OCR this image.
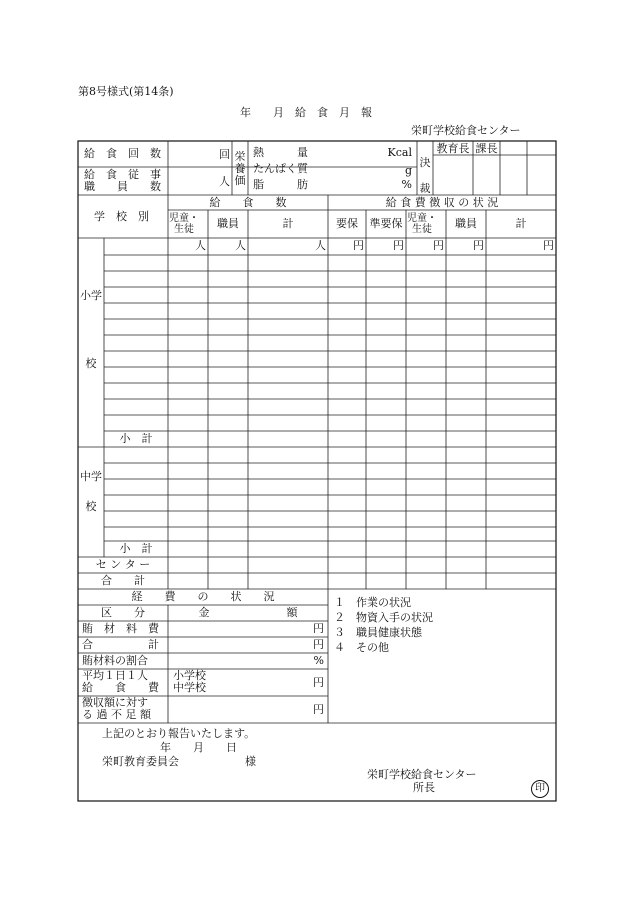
第8号様式(第14条)
年　　月　給　食　月　報
栄町学校給食センター
給　食　回　数	回
給　食　従　事
職　　員　　数	人
栄養価
熱　　　量	Kcal
たんぱく質	g
脂　　　肪	%
決裁
教育長 課長
学　校　別
給　　食　　数	給 食 費 徴 収 の 状 況
児童・生徒	職員	計	要保	準要保 児童・生徒	職員	計
人	人	人	円	円	円	円	円
小学校
小　計
中学校
小　計
セ ン タ ー
合　　計
経　　費　　の　　状　　況
区　　分	金　　　　　　　額
賄　材　料　費	円
合　　　　　計	円
賄材料の割合	%
平均１日１人
給　　食　　費
小学校
中学校	円
徴収額に対す
る 過 不 足 額	円
１　作業の状況
２　物資入手の状況
３　職員健康状態
４　その他
上記のとおり報告いたします。
年　　月　　日
栄町教育委員会　　　　　　様
栄町学校給食センター
所長	印
